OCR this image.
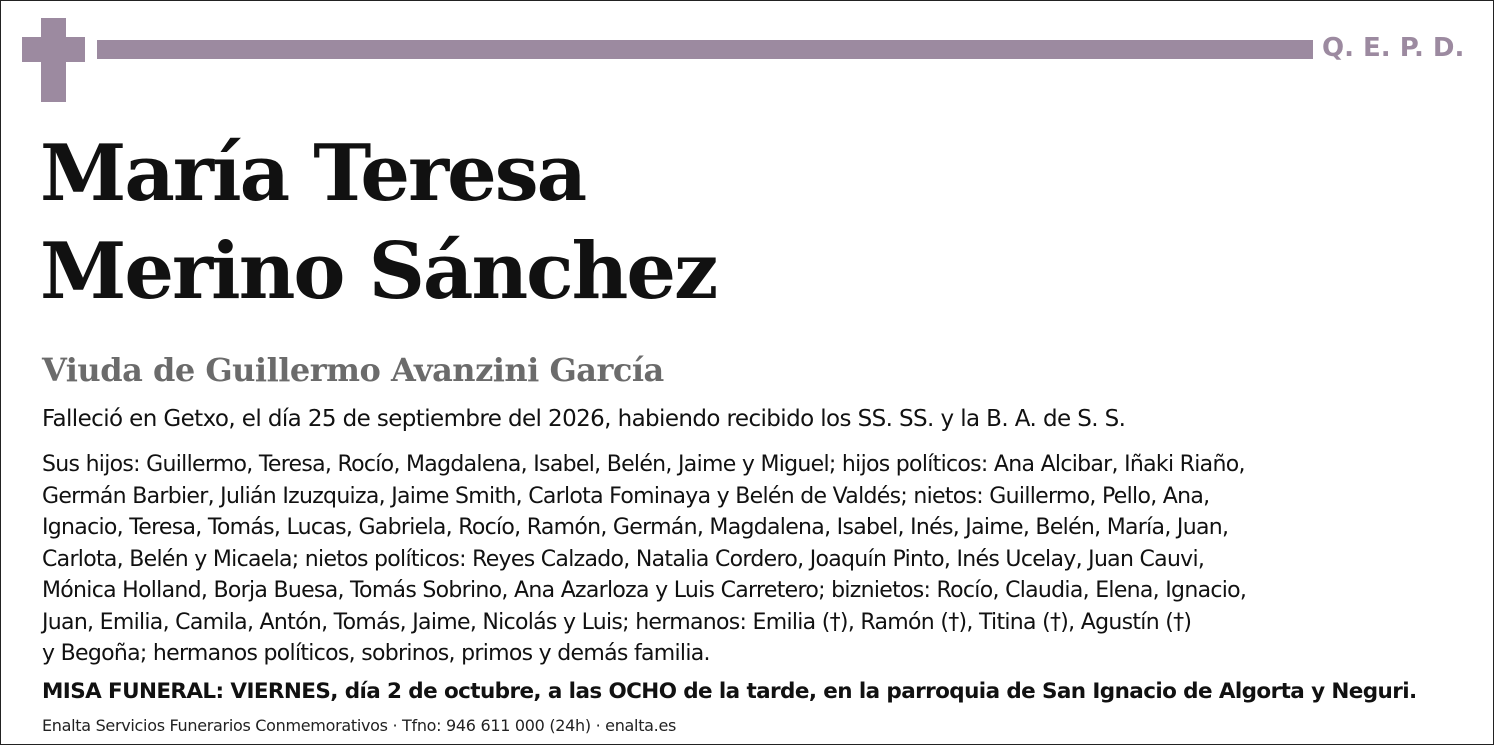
Q. E. P. D.
María Teresa
Merino Sánchez
Viuda de Guillermo Avanzini García
Falleció en Getxo, el día 25 de septiembre del 2026, habiendo recibido los SS. SS. y la B. A. de S. S.
Sus hijos: Guillermo, Teresa, Rocío, Magdalena, Isabel, Belén, Jaime y Miguel; hijos políticos: Ana Alcibar, Iñaki Riaño,
Germán Barbier, Julián Izuzquiza, Jaime Smith, Carlota Fominaya y Belén de Valdés; nietos: Guillermo, Pello, Ana,
Ignacio, Teresa, Tomás, Lucas, Gabriela, Rocío, Ramón, Germán, Magdalena, Isabel, Inés, Jaime, Belén, María, Juan,
Carlota, Belén y Micaela; nietos políticos: Reyes Calzado, Natalia Cordero, Joaquín Pinto, Inés Ucelay, Juan Cauvi,
Mónica Holland, Borja Buesa, Tomás Sobrino, Ana Azarloza y Luis Carretero; biznietos: Rocío, Claudia, Elena, Ignacio,
Juan, Emilia, Camila, Antón, Tomás, Jaime, Nicolás y Luis; hermanos: Emilia (†), Ramón (†), Titina (†), Agustín (†)
y Begoña; hermanos políticos, sobrinos, primos y demás familia.
MISA FUNERAL: VIERNES, día 2 de octubre, a las OCHO de la tarde, en la parroquia de San Ignacio de Algorta y Neguri.
Enalta Servicios Funerarios Conmemorativos · Tfno: 946 611 000 (24h) · enalta.es
